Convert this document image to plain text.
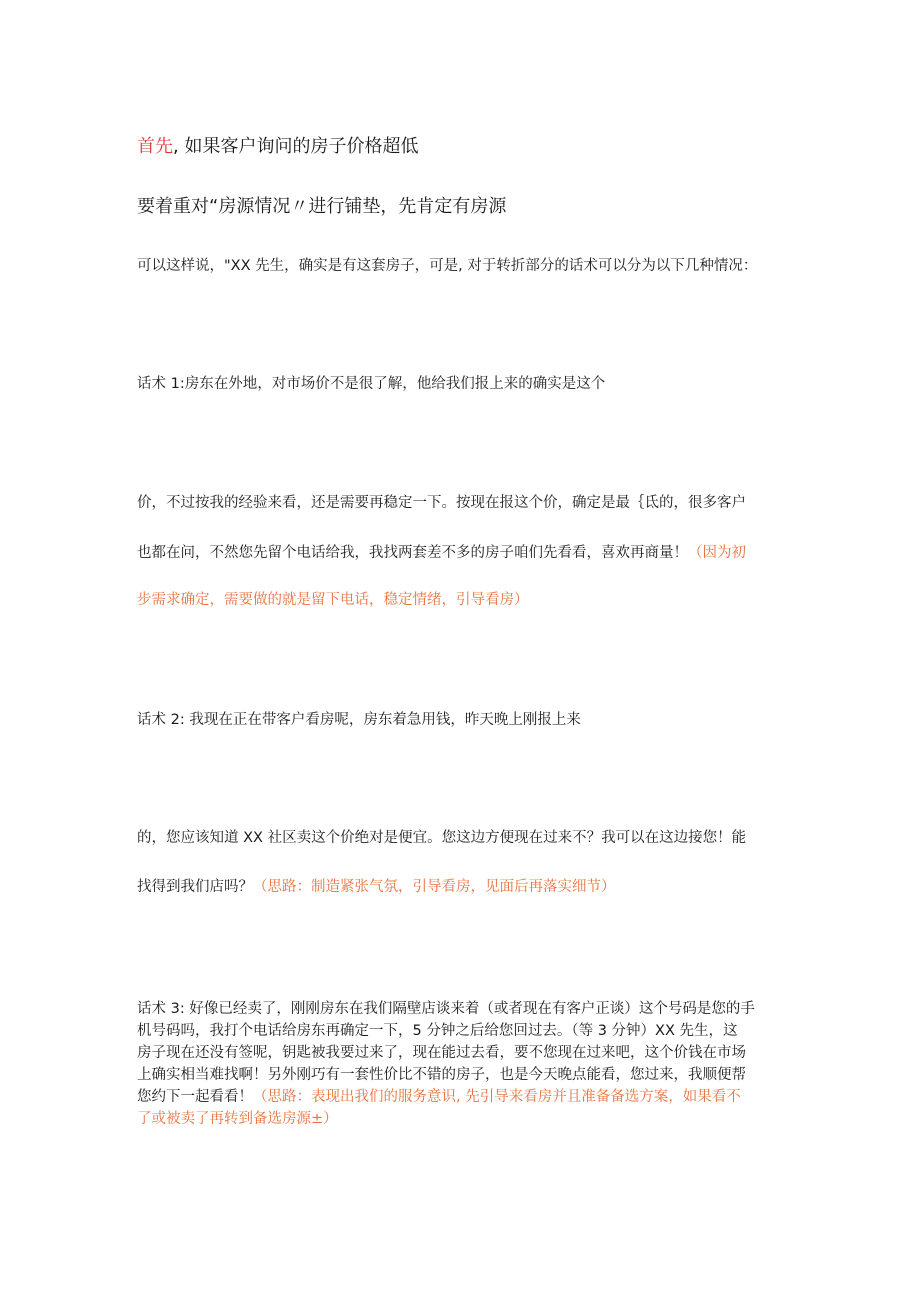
首先, 如果客户询问的房子价格超低
要着重对“房源情况〃进行铺垫，先肯定有房源
可以这样说，"XX 先生，确实是有这套房子，可是, 对于转折部分的话术可以分为以下几种情况：
话术 1:房东在外地，对市场价不是很了解，他给我们报上来的确实是这个
价，不过按我的经验来看，还是需要再稳定一下。按现在报这个价，确定是最｛氐的，很多客户
也都在问，不然您先留个电话给我，我找两套差不多的房子咱们先看看，喜欢再商量！（因为初
步需求确定，需要做的就是留下电话，稳定情绪，引导看房）
话术 2: 我现在正在带客户看房呢，房东着急用钱，昨天晚上刚报上来
的，您应该知道 XX 社区卖这个价绝对是便宜。您这边方便现在过来不？我可以在这边接您！能
找得到我们店吗？（思路：制造紧张气氛，引导看房，见面后再落实细节）
话术 3: 好像已经卖了，刚刚房东在我们隔壁店谈来着（或者现在有客户正谈）这个号码是您的手
机号码吗，我打个电话给房东再确定一下，5 分钟之后给您回过去。（等 3 分钟）XX 先生，这
房子现在还没有签呢，钥匙被我要过来了，现在能过去看，要不您现在过来吧，这个价钱在市场
上确实相当难找啊！另外刚巧有一套性价比不错的房子，也是今天晚点能看，您过来，我顺便帮
您约下一起看看！（思路：表现出我们的服务意识, 先引导来看房并且准备备选方案，如果看不
了或被卖了再转到备选房源±）
